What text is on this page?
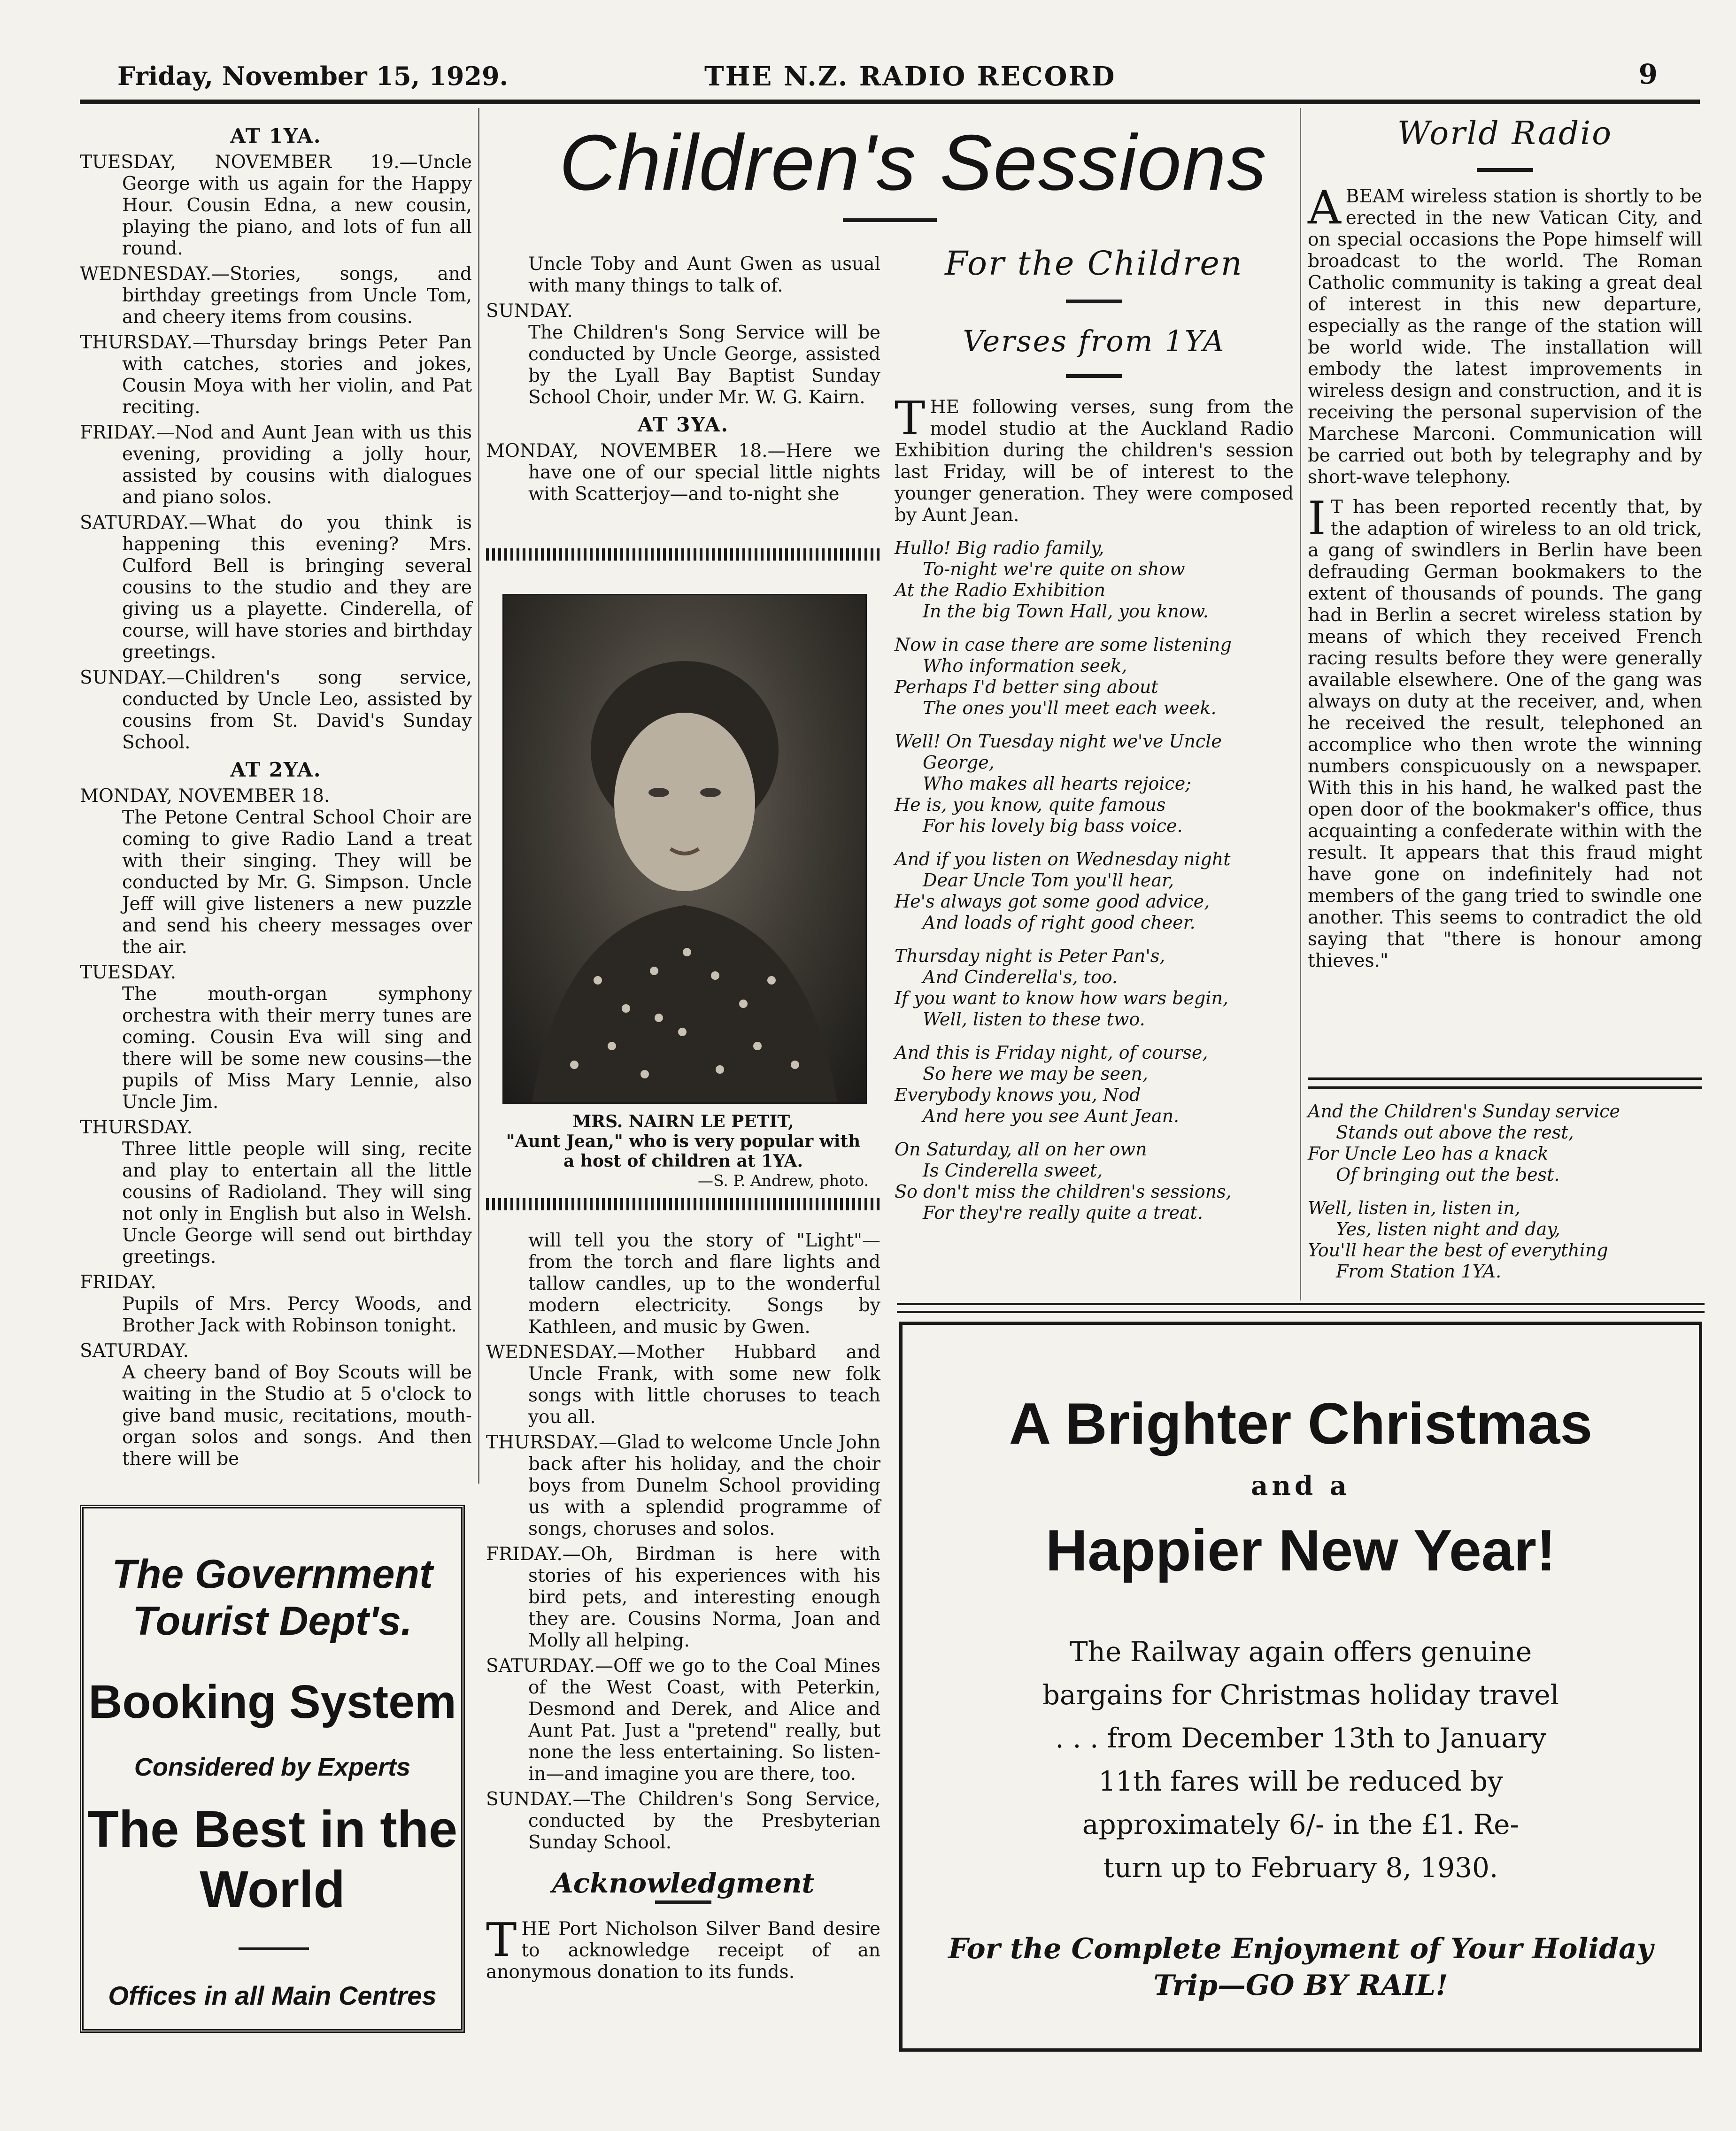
Friday, November 15, 1929.	THE N.Z. RADIO RECORD	9
AT 1YA.

TUESDAY, NOVEMBER 19.—Uncle George with us again for the Happy Hour. Cousin Edna, a new cousin, playing the piano, and lots of fun all round.

WEDNESDAY.—Stories, songs, and birthday greetings from Uncle Tom, and cheery items from cousins.

THURSDAY.—Thursday brings Peter Pan with catches, stories and jokes, Cousin Moya with her violin, and Pat reciting.

FRIDAY.—Nod and Aunt Jean with us this evening, providing a jolly hour, assisted by cousins with dialogues and piano solos.

SATURDAY.—What do you think is happening this evening? Mrs. Culford Bell is bringing several cousins to the studio and they are giving us a playette. Cinderella, of course, will have stories and birthday greetings.

SUNDAY.—Children's song service, conducted by Uncle Leo, assisted by cousins from St. David's Sunday School.

AT 2YA.

MONDAY, NOVEMBER 18.

The Petone Central School Choir are coming to give Radio Land a treat with their singing. They will be conducted by Mr. G. Simpson. Uncle Jeff will give listeners a new puzzle and send his cheery messages over the air.

TUESDAY.

The mouth-organ symphony orchestra with their merry tunes are coming. Cousin Eva will sing and there will be some new cousins—the pupils of Miss Mary Lennie, also Uncle Jim.

THURSDAY.

Three little people will sing, recite and play to entertain all the little cousins of Radioland. They will sing not only in English but also in Welsh. Uncle George will send out birthday greetings.

FRIDAY.

Pupils of Mrs. Percy Woods, and Brother Jack with Robinson tonight.

SATURDAY.

A cheery band of Boy Scouts will be waiting in the Studio at 5 o'clock to give band music, recitations, mouth-organ solos and songs. And then there will be

The Government
Tourist Dept's.
Booking System
Considered by Experts
The Best in the
World
Offices in all Main Centres
Children's Sessions

Uncle Toby and Aunt Gwen as usual with many things to talk of.

SUNDAY.

The Children's Song Service will be conducted by Uncle George, assisted by the Lyall Bay Baptist Sunday School Choir, under Mr. W. G. Kairn.

AT 3YA.

MONDAY, NOVEMBER 18.—Here we have one of our special little nights with Scatterjoy—and to-night she

MRS. NAIRN LE PETIT,
"Aunt Jean," who is very popular with a host of children at 1YA.
—S. P. Andrew, photo.

will tell you the story of "Light"—from the torch and flare lights and tallow candles, up to the wonderful modern electricity. Songs by Kathleen, and music by Gwen.

WEDNESDAY.—Mother Hubbard and Uncle Frank, with some new folk songs with little choruses to teach you all.

THURSDAY.—Glad to welcome Uncle John back after his holiday, and the choir boys from Dunelm School providing us with a splendid programme of songs, choruses and solos.

FRIDAY.—Oh, Birdman is here with stories of his experiences with his bird pets, and interesting enough they are. Cousins Norma, Joan and Molly all helping.

SATURDAY.—Off we go to the Coal Mines of the West Coast, with Peterkin, Desmond and Derek, and Alice and Aunt Pat. Just a "pretend" really, but none the less entertaining. So listen-in—and imagine you are there, too.

SUNDAY.—The Children's Song Service, conducted by the Presbyterian Sunday School.

Acknowledgment

THE Port Nicholson Silver Band desire to acknowledge receipt of an anonymous donation to its funds.

For the Children
Verses from 1YA

THE following verses, sung from the model studio at the Auckland Radio Exhibition during the children's session last Friday, will be of interest to the younger generation. They were composed by Aunt Jean.

Hullo! Big radio family,
To-night we're quite on show
At the Radio Exhibition
In the big Town Hall, you know.

Now in case there are some listening
Who information seek,
Perhaps I'd better sing about
The ones you'll meet each week.

Well! On Tuesday night we've Uncle
George,
Who makes all hearts rejoice;
He is, you know, quite famous
For his lovely big bass voice.

And if you listen on Wednesday night
Dear Uncle Tom you'll hear,
He's always got some good advice,
And loads of right good cheer.

Thursday night is Peter Pan's,
And Cinderella's, too.
If you want to know how wars begin,
Well, listen to these two.

And this is Friday night, of course,
So here we may be seen,
Everybody knows you, Nod
And here you see Aunt Jean.

On Saturday, all on her own
Is Cinderella sweet,
So don't miss the children's sessions,
For they're really quite a treat.

World Radio

ABEAM wireless station is shortly to be erected in the new Vatican City, and on special occasions the Pope himself will broadcast to the world. The Roman Catholic community is taking a great deal of interest in this new departure, especially as the range of the station will be world wide. The installation will embody the latest improvements in wireless design and construction, and it is receiving the personal supervision of the Marchese Marconi. Communication will be carried out both by telegraphy and by short-wave telephony.

I T has been reported recently that, by the adaption of wireless to an old trick, a gang of swindlers in Berlin have been defrauding German bookmakers to the extent of thousands of pounds. The gang had in Berlin a secret wireless station by means of which they received French racing results before they were generally available elsewhere. One of the gang was always on duty at the receiver, and, when he received the result, telephoned an accomplice who then wrote the winning numbers conspicuously on a newspaper. With this in his hand, he walked past the open door of the bookmaker's office, thus acquainting a confederate within with the result. It appears that this fraud might have gone on indefinitely had not members of the gang tried to swindle one another. This seems to contradict the old saying that "there is honour among thieves."

And the Children's Sunday service
Stands out above the rest,
For Uncle Leo has a knack
Of bringing out the best.

Well, listen in, listen in,
Yes, listen night and day,
You'll hear the best of everything
From Station 1YA.

A Brighter Christmas
and a
Happier New Year!
The Railway again offers genuine
bargains for Christmas holiday travel
. . . from December 13th to January
11th fares will be reduced by
approximately 6/- in the £1. Re-
turn up to February 8, 1930.
For the Complete Enjoyment of Your Holiday
Trip—GO BY RAIL!
